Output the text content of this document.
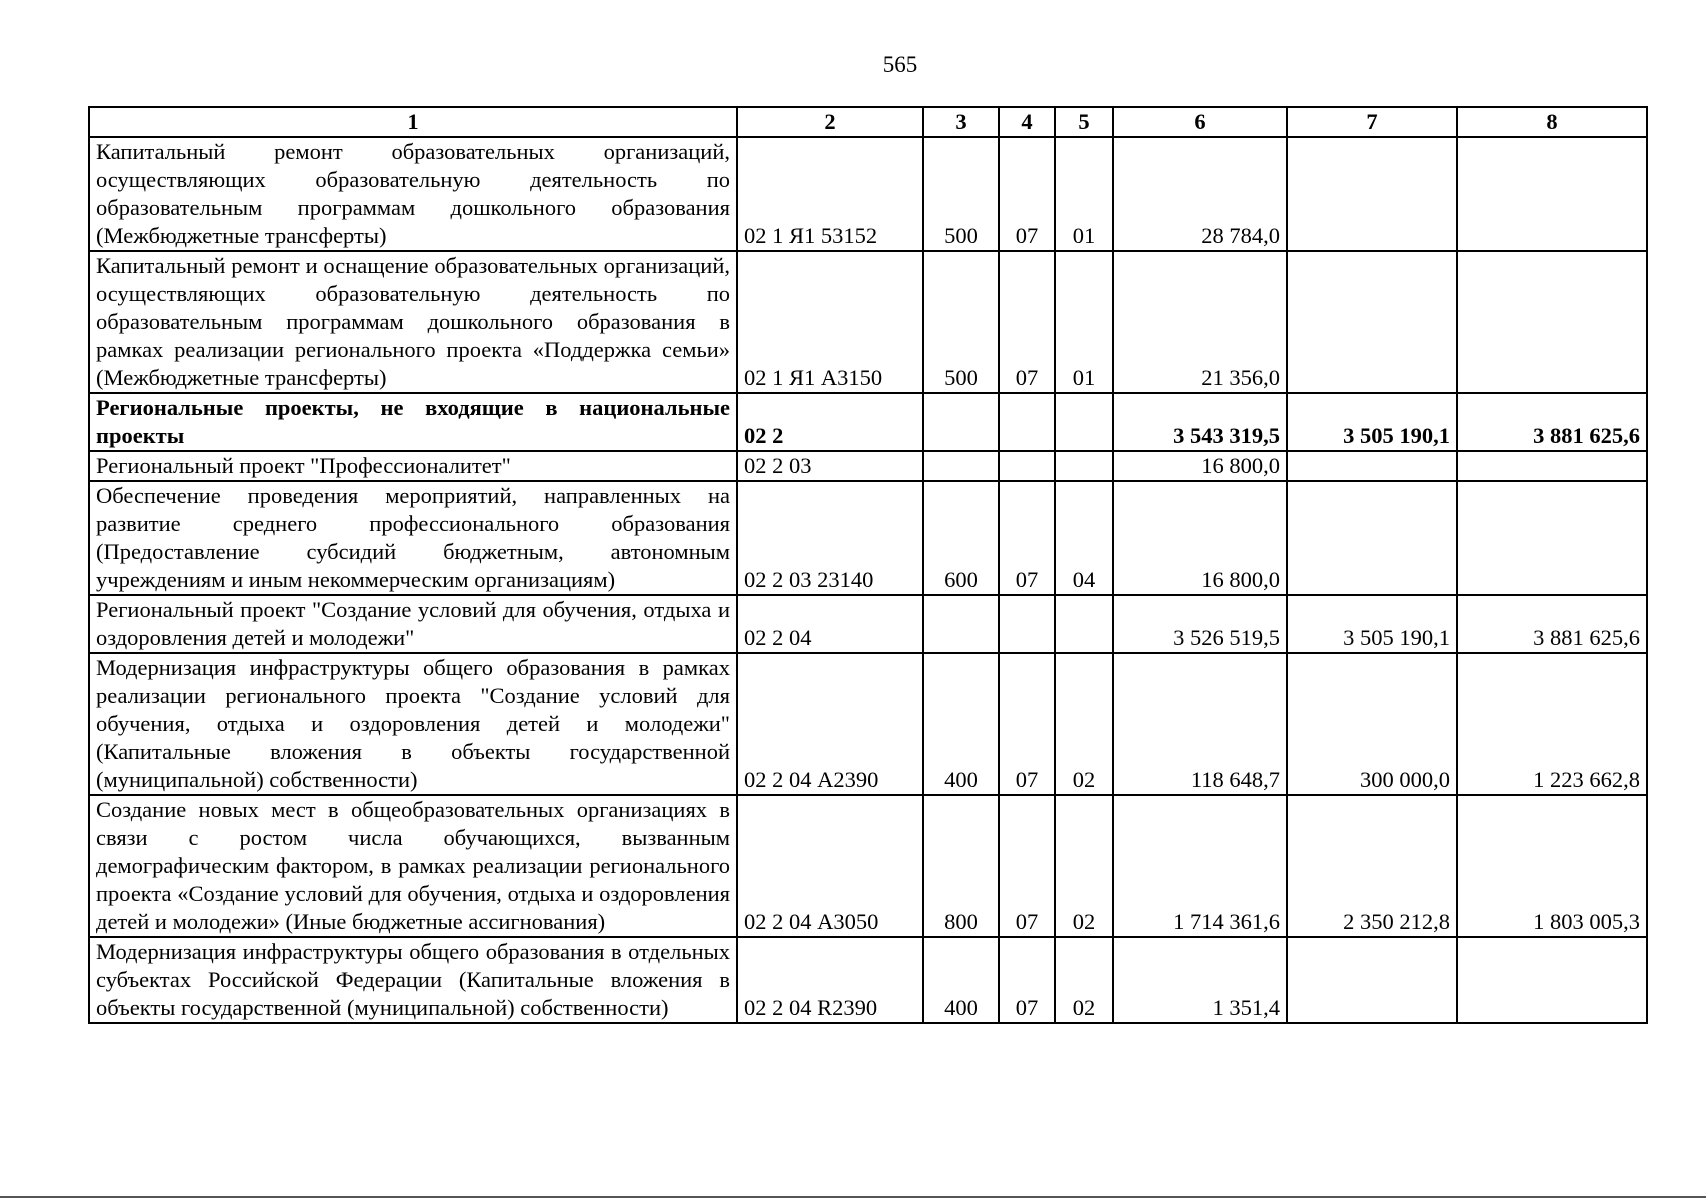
565
1	2	3	4	5	6	7	8
Капитальный ремонт образовательных организаций, осуществляющих образовательную деятельность по образовательным программам дошкольного образования (Межбюджетные трансферты)	02 1 Я1 53152	500	07	01	28 784,0		
Капитальный ремонт и оснащение образовательных организаций, осуществляющих образовательную деятельность по образовательным программам дошкольного образования в рамках реализации регионального проекта «Поддержка семьи» (Межбюджетные трансферты)	02 1 Я1 А3150	500	07	01	21 356,0		
Региональные проекты, не входящие в национальные проекты	02 2				3 543 319,5	3 505 190,1	3 881 625,6
Региональный проект "Профессионалитет"	02 2 03				16 800,0		
Обеспечение проведения мероприятий, направленных на развитие среднего профессионального образования (Предоставление субсидий бюджетным, автономным учреждениям и иным некоммерческим организациям)	02 2 03 23140	600	07	04	16 800,0		
Региональный проект "Создание условий для обучения, отдыха и оздоровления детей и молодежи"	02 2 04				3 526 519,5	3 505 190,1	3 881 625,6
Модернизация инфраструктуры общего образования в рамках реализации регионального проекта "Создание условий для обучения, отдыха и оздоровления детей и молодежи" (Капитальные вложения в объекты государственной (муниципальной) собственности)	02 2 04 А2390	400	07	02	118 648,7	300 000,0	1 223 662,8
Создание новых мест в общеобразовательных организациях в связи с ростом числа обучающихся, вызванным демографическим фактором, в рамках реализации регионального проекта «Создание условий для обучения, отдыха и оздоровления детей и молодежи» (Иные бюджетные ассигнования)	02 2 04 А3050	800	07	02	1 714 361,6	2 350 212,8	1 803 005,3
Модернизация инфраструктуры общего образования в отдельных субъектах Российской Федерации (Капитальные вложения в объекты государственной (муниципальной) собственности)	02 2 04 R2390	400	07	02	1 351,4		
